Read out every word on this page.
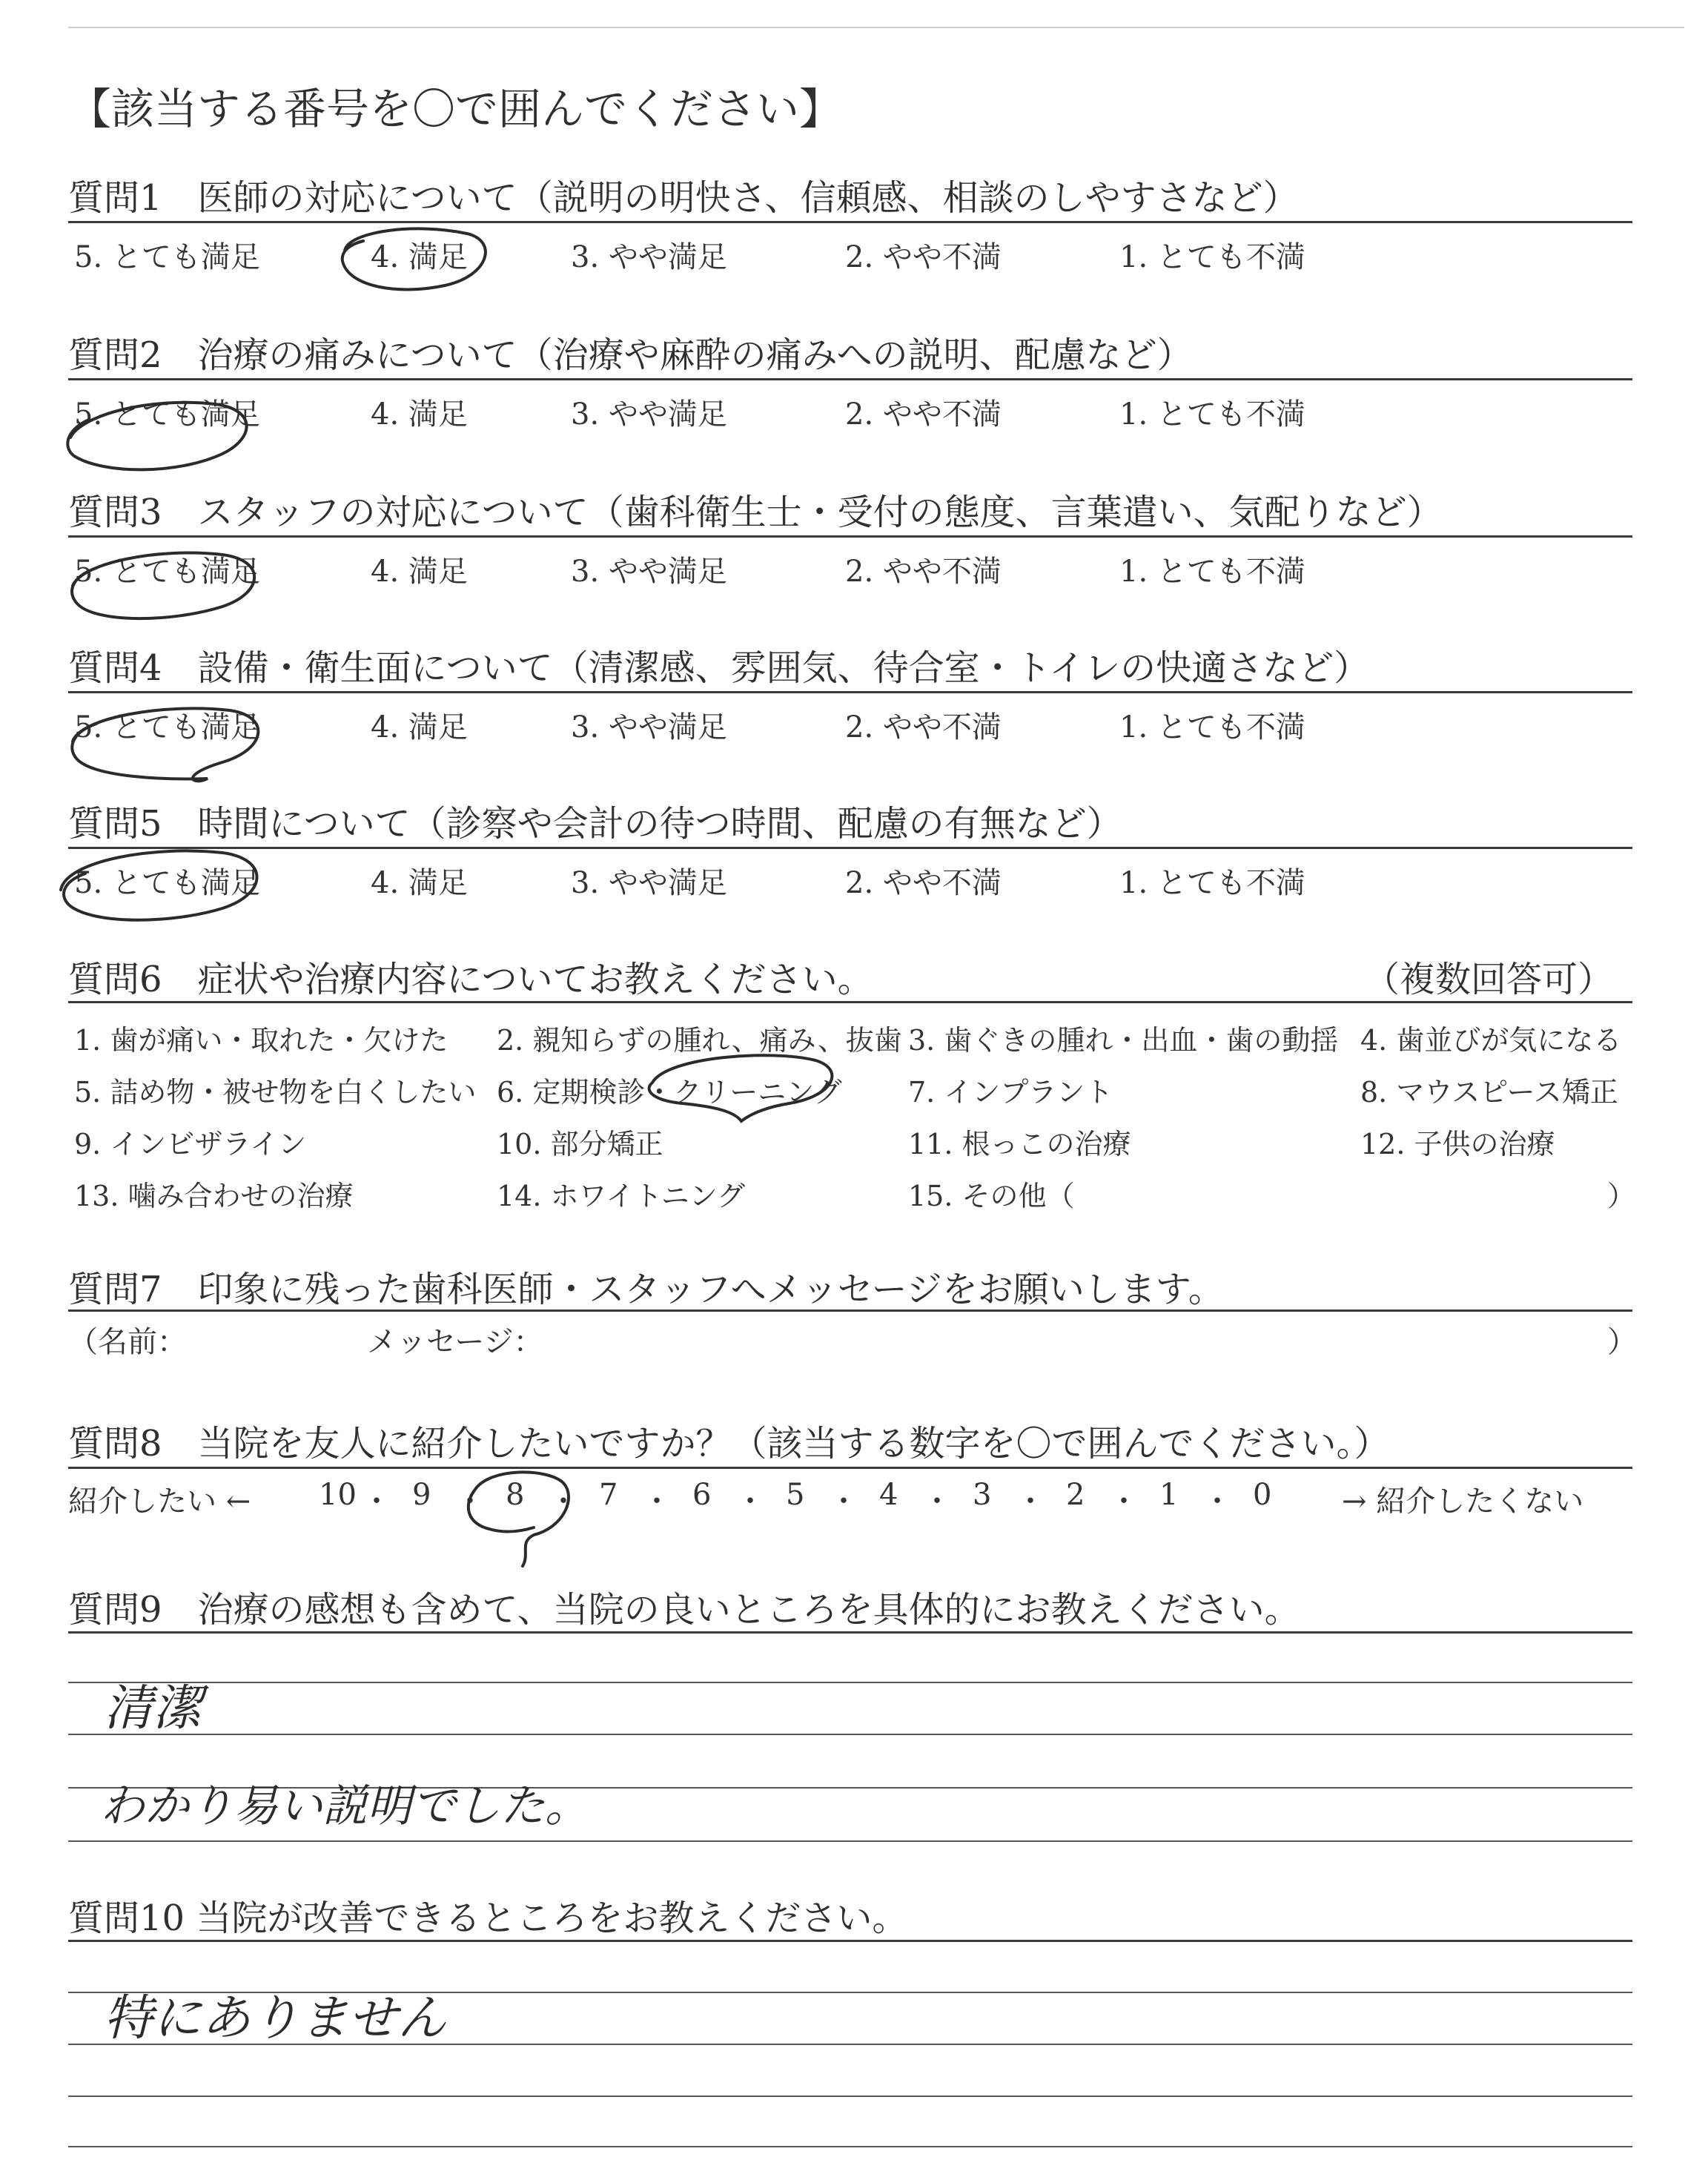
【該当する番号を〇で囲んでください】
質問1　医師の対応について（説明の明快さ、信頼感、相談のしやすさなど）
5. とても満足	4. 満足	3. やや満足	2. やや不満	1. とても不満
質問2　治療の痛みについて（治療や麻酔の痛みへの説明、配慮など）
5. とても満足	4. 満足	3. やや満足	2. やや不満	1. とても不満
質問3　スタッフの対応について（歯科衛生士・受付の態度、言葉遣い、気配りなど）
5. とても満足	4. 満足	3. やや満足	2. やや不満	1. とても不満
質問4　設備・衛生面について（清潔感、雰囲気、待合室・トイレの快適さなど）
5. とても満足	4. 満足	3. やや満足	2. やや不満	1. とても不満
質問5　時間について（診察や会計の待つ時間、配慮の有無など）
5. とても満足	4. 満足	3. やや満足	2. やや不満	1. とても不満
質問6　症状や治療内容についてお教えください。	（複数回答可）
1. 歯が痛い・取れた・欠けた 2. 親知らずの腫れ、痛み、抜歯 3. 歯ぐきの腫れ・出血・歯の動揺 4. 歯並びが気になる
5. 詰め物・被せ物を白くしたい 6. 定期検診・クリーニング 7. インプラント	8. マウスピース矯正
9. インビザライン	10. 部分矯正	11. 根っこの治療	12. 子供の治療
13. 噛み合わせの治療	14. ホワイトニング	15. その他（	）
質問7　印象に残った歯科医師・スタッフへメッセージをお願いします。
（名前：	メッセージ：	）
質問8　当院を友人に紹介したいですか？（該当する数字を〇で囲んでください。）
紹介したい ← 10 ・ 9 ・ 8 ・ 7 ・ 6 ・ 5 ・ 4 ・ 3 ・ 2 ・ 1 ・ 0 → 紹介したくない
質問9　治療の感想も含めて、当院の良いところを具体的にお教えください。
清潔
わかり易い説明でした。
質問10 当院が改善できるところをお教えください。
特にありません
